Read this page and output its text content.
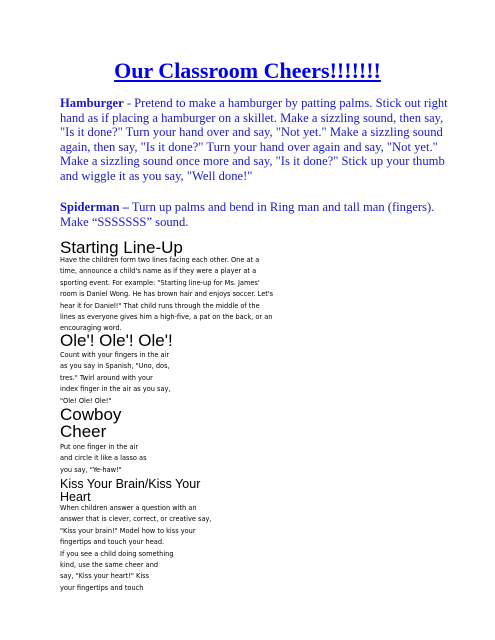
Our Classroom Cheers!!!!!!!
Hamburger - Pretend to make a hamburger by patting palms. Stick out right
hand as if placing a hamburger on a skillet. Make a sizzling sound, then say,
"Is it done?" Turn your hand over and say, "Not yet." Make a sizzling sound
again, then say, "Is it done?" Turn your hand over again and say, "Not yet."
Make a sizzling sound once more and say, "Is it done?" Stick up your thumb
and wiggle it as you say, "Well done!"
Spiderman – Turn up palms and bend in Ring man and tall man (fingers).
Make “SSSSSSS” sound.
Starting Line-Up
Have the children form two lines facing each other. One at a
time, announce a child's name as if they were a player at a
sporting event. For example: "Starting line-up for Ms. James'
room is Daniel Wong. He has brown hair and enjoys soccer. Let's
hear it for Daniel!" That child runs through the middle of the
lines as everyone gives him a high-five, a pat on the back, or an
encouraging word.
Ole'! Ole'! Ole'!
Count with your fingers in the air
as you say in Spanish, "Uno, dos,
tres." Twirl around with your
index finger in the air as you say,
"Ole! Ole! Ole!"
Cowboy
Cheer
Put one finger in the air
and circle it like a lasso as
you say, "Ye-haw!"
Kiss Your Brain/Kiss Your
Heart
When children answer a question with an
answer that is clever, correct, or creative say,
"Kiss your brain!" Model how to kiss your
fingertips and touch your head.
If you see a child doing something
kind, use the same cheer and
say, "Kiss your heart!" Kiss
your fingertips and touch
